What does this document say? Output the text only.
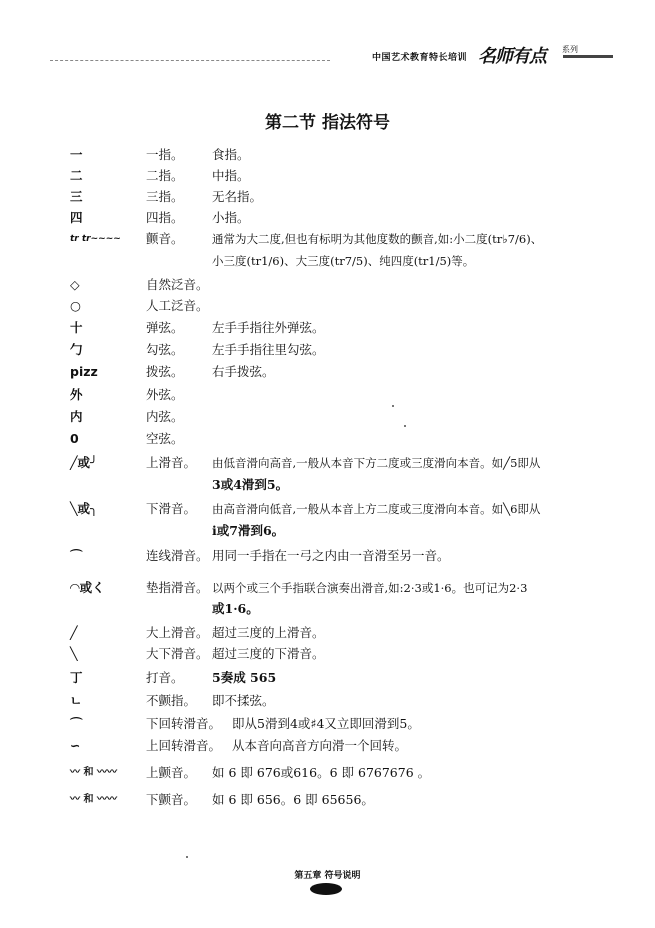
中国艺术教育特长培训 名师有点 系列
第二节 指法符号
一	一指。 食指。
二	二指。 中指。
三	三指。 无名指。
四	四指。 小指。
tr tr~~~~ 颤音。 通常为大二度,但也有标明为其他度数的颤音,如:小二度(tr♭7/6)、
小三度(tr1/6)、大三度(tr7/5)、纯四度(tr1/5)等。
◇	自然泛音。
○	人工泛音。
十	弹弦。 左手手指往外弹弦。
勹	勾弦。 左手手指往里勾弦。
pizz	拨弦。 右手拨弦。
外	外弦。
内	内弦。
0	空弦。
╱或╯	上滑音。 由低音滑向高音,一般从本音下方二度或三度滑向本音。如╱5即从
3或4滑到5。
╲或╮	下滑音。 由高音滑向低音,一般从本音上方二度或三度滑向本音。如╲6即从
i或7滑到6。
⌒	连线滑音。 用同一手指在一弓之内由一音滑至另一音。
◠或く	垫指滑音。 以两个或三个手指联合演奏出滑音,如:2·3或1·6。也可记为2·3
或1·6。
╱	大上滑音。 超过三度的上滑音。
╲	大下滑音。 超过三度的下滑音。
丁	打音。 5奏成 565
ㄴ	不颤指。 即不揉弦。
⌒	下回转滑音。 即从5滑到4或♯4又立即回滑到5。
∽	上回转滑音。 从本音向高音方向滑一个回转。
〰 和 〰〰 上颤音。 如 6 即 676或616。6 即 6767676 。
〰 和 〰〰 下颤音。 如 6 即 656。6 即 65656。
第五章 符号说明
